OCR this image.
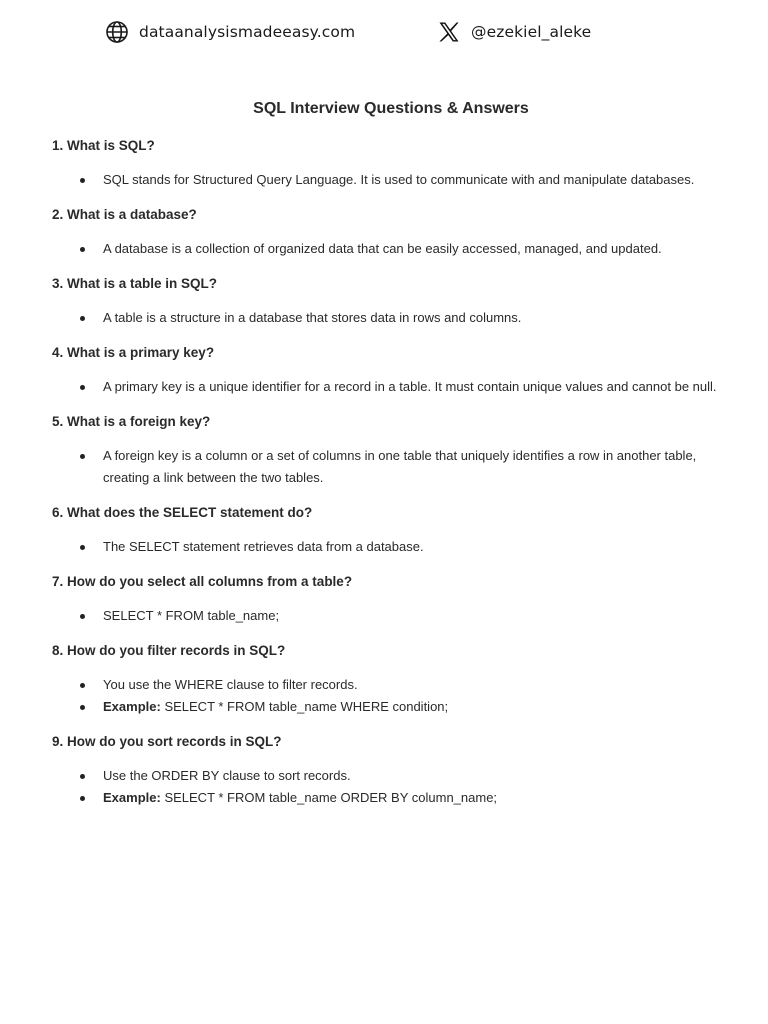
dataanalysismadeeasy.com	@ezekiel_aleke
SQL Interview Questions & Answers

1. What is SQL?

SQL stands for Structured Query Language. It is used to communicate with and manipulate databases.

2. What is a database?

A database is a collection of organized data that can be easily accessed, managed, and updated.

3. What is a table in SQL?

A table is a structure in a database that stores data in rows and columns.

4. What is a primary key?

A primary key is a unique identifier for a record in a table. It must contain unique values and cannot be null.

5. What is a foreign key?

A foreign key is a column or a set of columns in one table that uniquely identifies a row in another table, creating a link between the two tables.

6. What does the SELECT statement do?

The SELECT statement retrieves data from a database.

7. How do you select all columns from a table?

SELECT * FROM table_name;

8. How do you filter records in SQL?

You use the WHERE clause to filter records.
Example: SELECT * FROM table_name WHERE condition;

9. How do you sort records in SQL?

Use the ORDER BY clause to sort records.
Example: SELECT * FROM table_name ORDER BY column_name;
